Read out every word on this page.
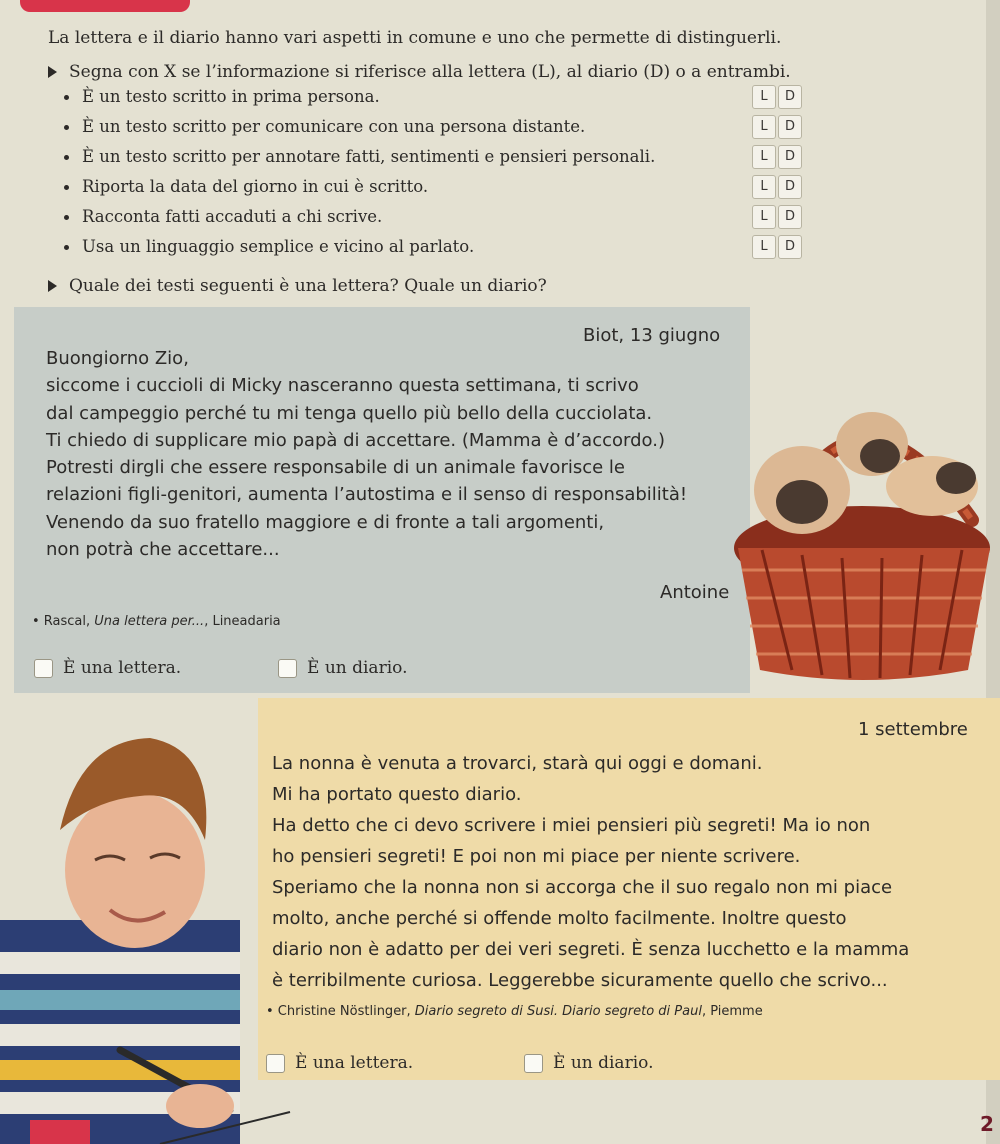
La lettera e il diario hanno vari aspetti in comune e uno che permette di distinguerli.
Segna con X se l’informazione si riferisce alla lettera (L), al diario (D) o a entrambi.
È un testo scritto in prima persona.	L	D
È un testo scritto per comunicare con una persona distante.	L	D
È un testo scritto per annotare fatti, sentimenti e pensieri personali.	L	D
Riporta la data del giorno in cui è scritto.	L	D
Racconta fatti accaduti a chi scrive.	L	D
Usa un linguaggio semplice e vicino al parlato.	L	D
Quale dei testi seguenti è una lettera? Quale un diario?
Biot, 13 giugno
Buongiorno Zio,
siccome i cuccioli di Micky nasceranno questa settimana, ti scrivo
dal campeggio perché tu mi tenga quello più bello della cucciolata.
Ti chiedo di supplicare mio papà di accettare. (Mamma è d’accordo.)
Potresti dirgli che essere responsabile di un animale favorisce le
relazioni figli-genitori, aumenta l’autostima e il senso di responsabilità!
Venendo da suo fratello maggiore e di fronte a tali argomenti,
non potrà che accettare...
Antoine
• Rascal, Una lettera per..., Lineadaria
È una lettera.	È un diario.
1 settembre
La nonna è venuta a trovarci, starà qui oggi e domani.
Mi ha portato questo diario.
Ha detto che ci devo scrivere i miei pensieri più segreti! Ma io non
ho pensieri segreti! E poi non mi piace per niente scrivere.
Speriamo che la nonna non si accorga che il suo regalo non mi piace
molto, anche perché si offende molto facilmente. Inoltre questo
diario non è adatto per dei veri segreti. È senza lucchetto e la mamma
è terribilmente curiosa. Leggerebbe sicuramente quello che scrivo...
• Christine Nöstlinger, Diario segreto di Susi. Diario segreto di Paul, Piemme
È una lettera.	È un diario.
2
